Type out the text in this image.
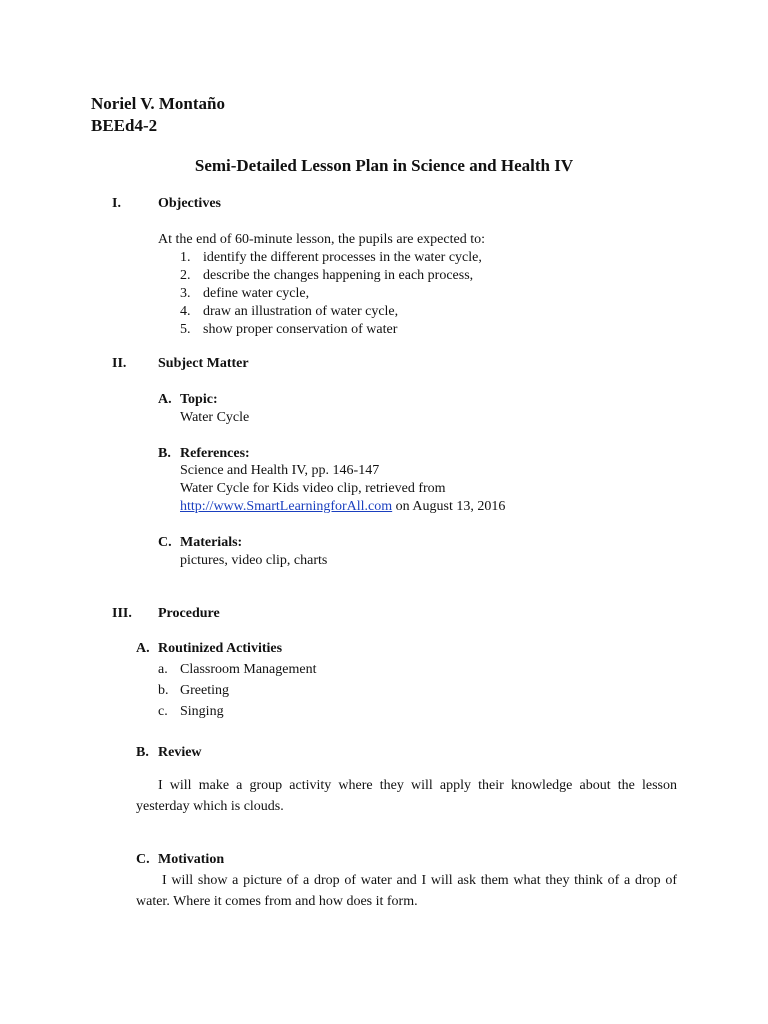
Noriel V. Montaño
BEEd4-2
Semi-Detailed Lesson Plan in Science and Health IV
I.	Objectives
At the end of 60-minute lesson, the pupils are expected to:
1. identify the different processes in the water cycle,
2. describe the changes happening in each process,
3. define water cycle,
4. draw an illustration of water cycle,
5. show proper conservation of water
II. Subject Matter
A. Topic:
Water Cycle
B. References:
Science and Health IV, pp. 146-147
Water Cycle for Kids video clip, retrieved from
http://www.SmartLearningforAll.com on August 13, 2016
C. Materials:
pictures, video clip, charts
III. Procedure
A. Routinized Activities
a. Classroom Management
b. Greeting
c. Singing
B. Review
I will make a group activity where they will apply their knowledge about the lesson yesterday which is clouds.
C. Motivation
I will show a picture of a drop of water and I will ask them what they think of a drop of water. Where it comes from and how does it form.
